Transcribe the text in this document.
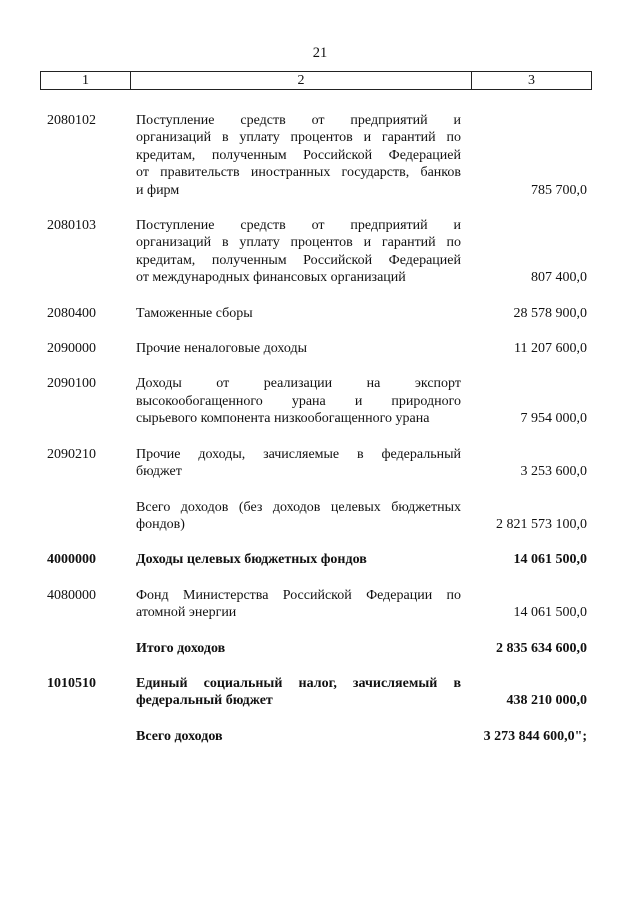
21
1	2	3
2080102	Поступление средств от предприятий и
организаций в уплату процентов и гарантий по
кредитам, полученным Российской Федерацией
от правительств иностранных государств, банков
и фирм	785 700,0
2080103	Поступление средств от предприятий и
организаций в уплату процентов и гарантий по
кредитам, полученным Российской Федерацией
от международных финансовых организаций	807 400,0
2080400	Таможенные сборы	28 578 900,0
2090000	Прочие неналоговые доходы	11 207 600,0
2090100	Доходы от реализации на экспорт
высокообогащенного урана и природного
сырьевого компонента низкообогащенного урана	7 954 000,0
2090210	Прочие доходы, зачисляемые в федеральный
бюджет	3 253 600,0
Всего доходов (без доходов целевых бюджетных
фондов)	2 821 573 100,0
4000000	Доходы целевых бюджетных фондов	14 061 500,0
4080000	Фонд Министерства Российской Федерации по
атомной энергии	14 061 500,0
Итого доходов	2 835 634 600,0
1010510	Единый социальный налог, зачисляемый в
федеральный бюджет	438 210 000,0
Всего доходов	3 273 844 600,0";
